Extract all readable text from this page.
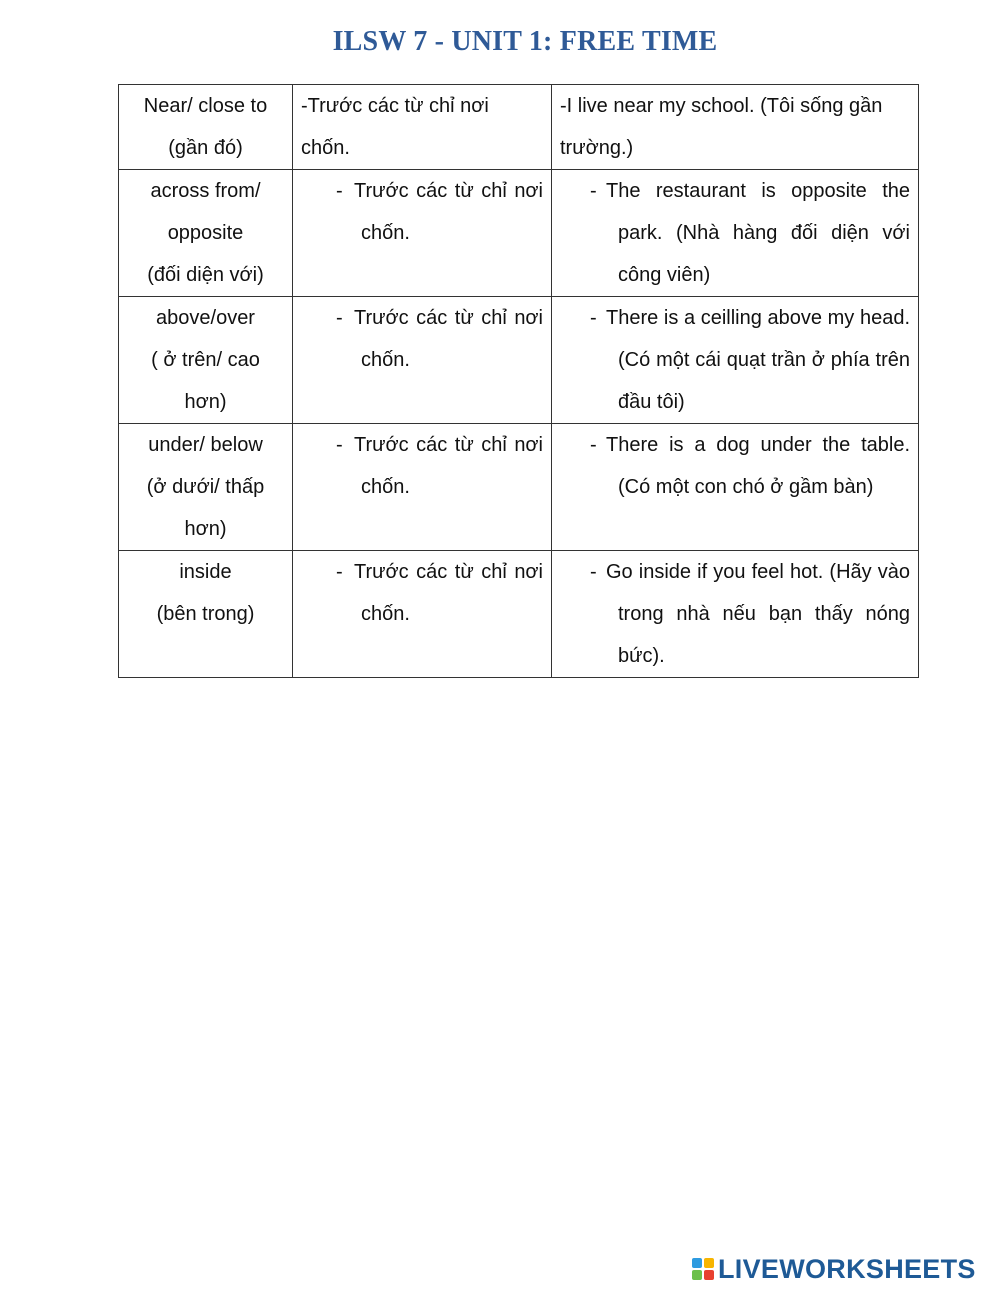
ILSW 7 - UNIT 1: FREE TIME
Near/ close to
(gần đó)	-Trước các từ chỉ nơi chốn.	-I live near my school. (Tôi sống gần trường.)

across from/
opposite
(đối diện với)	- Trước các từ chỉ nơi chốn.	- The restaurant is opposite the park. (Nhà hàng đối diện với công viên)

above/over
( ở trên/ cao
hơn)	- Trước các từ chỉ nơi chốn.	- There is a ceilling above my head. (Có một cái quạt trần ở phía trên đầu tôi)

under/ below
(ở dưới/ thấp
hơn)	- Trước các từ chỉ nơi chốn.	- There is a dog under the table. (Có một con chó ở gầm bàn)

inside
(bên trong)	- Trước các từ chỉ nơi chốn.	- Go inside if you feel hot. (Hãy vào trong nhà nếu bạn thấy nóng bức).
LIVEWORKSHEETS
